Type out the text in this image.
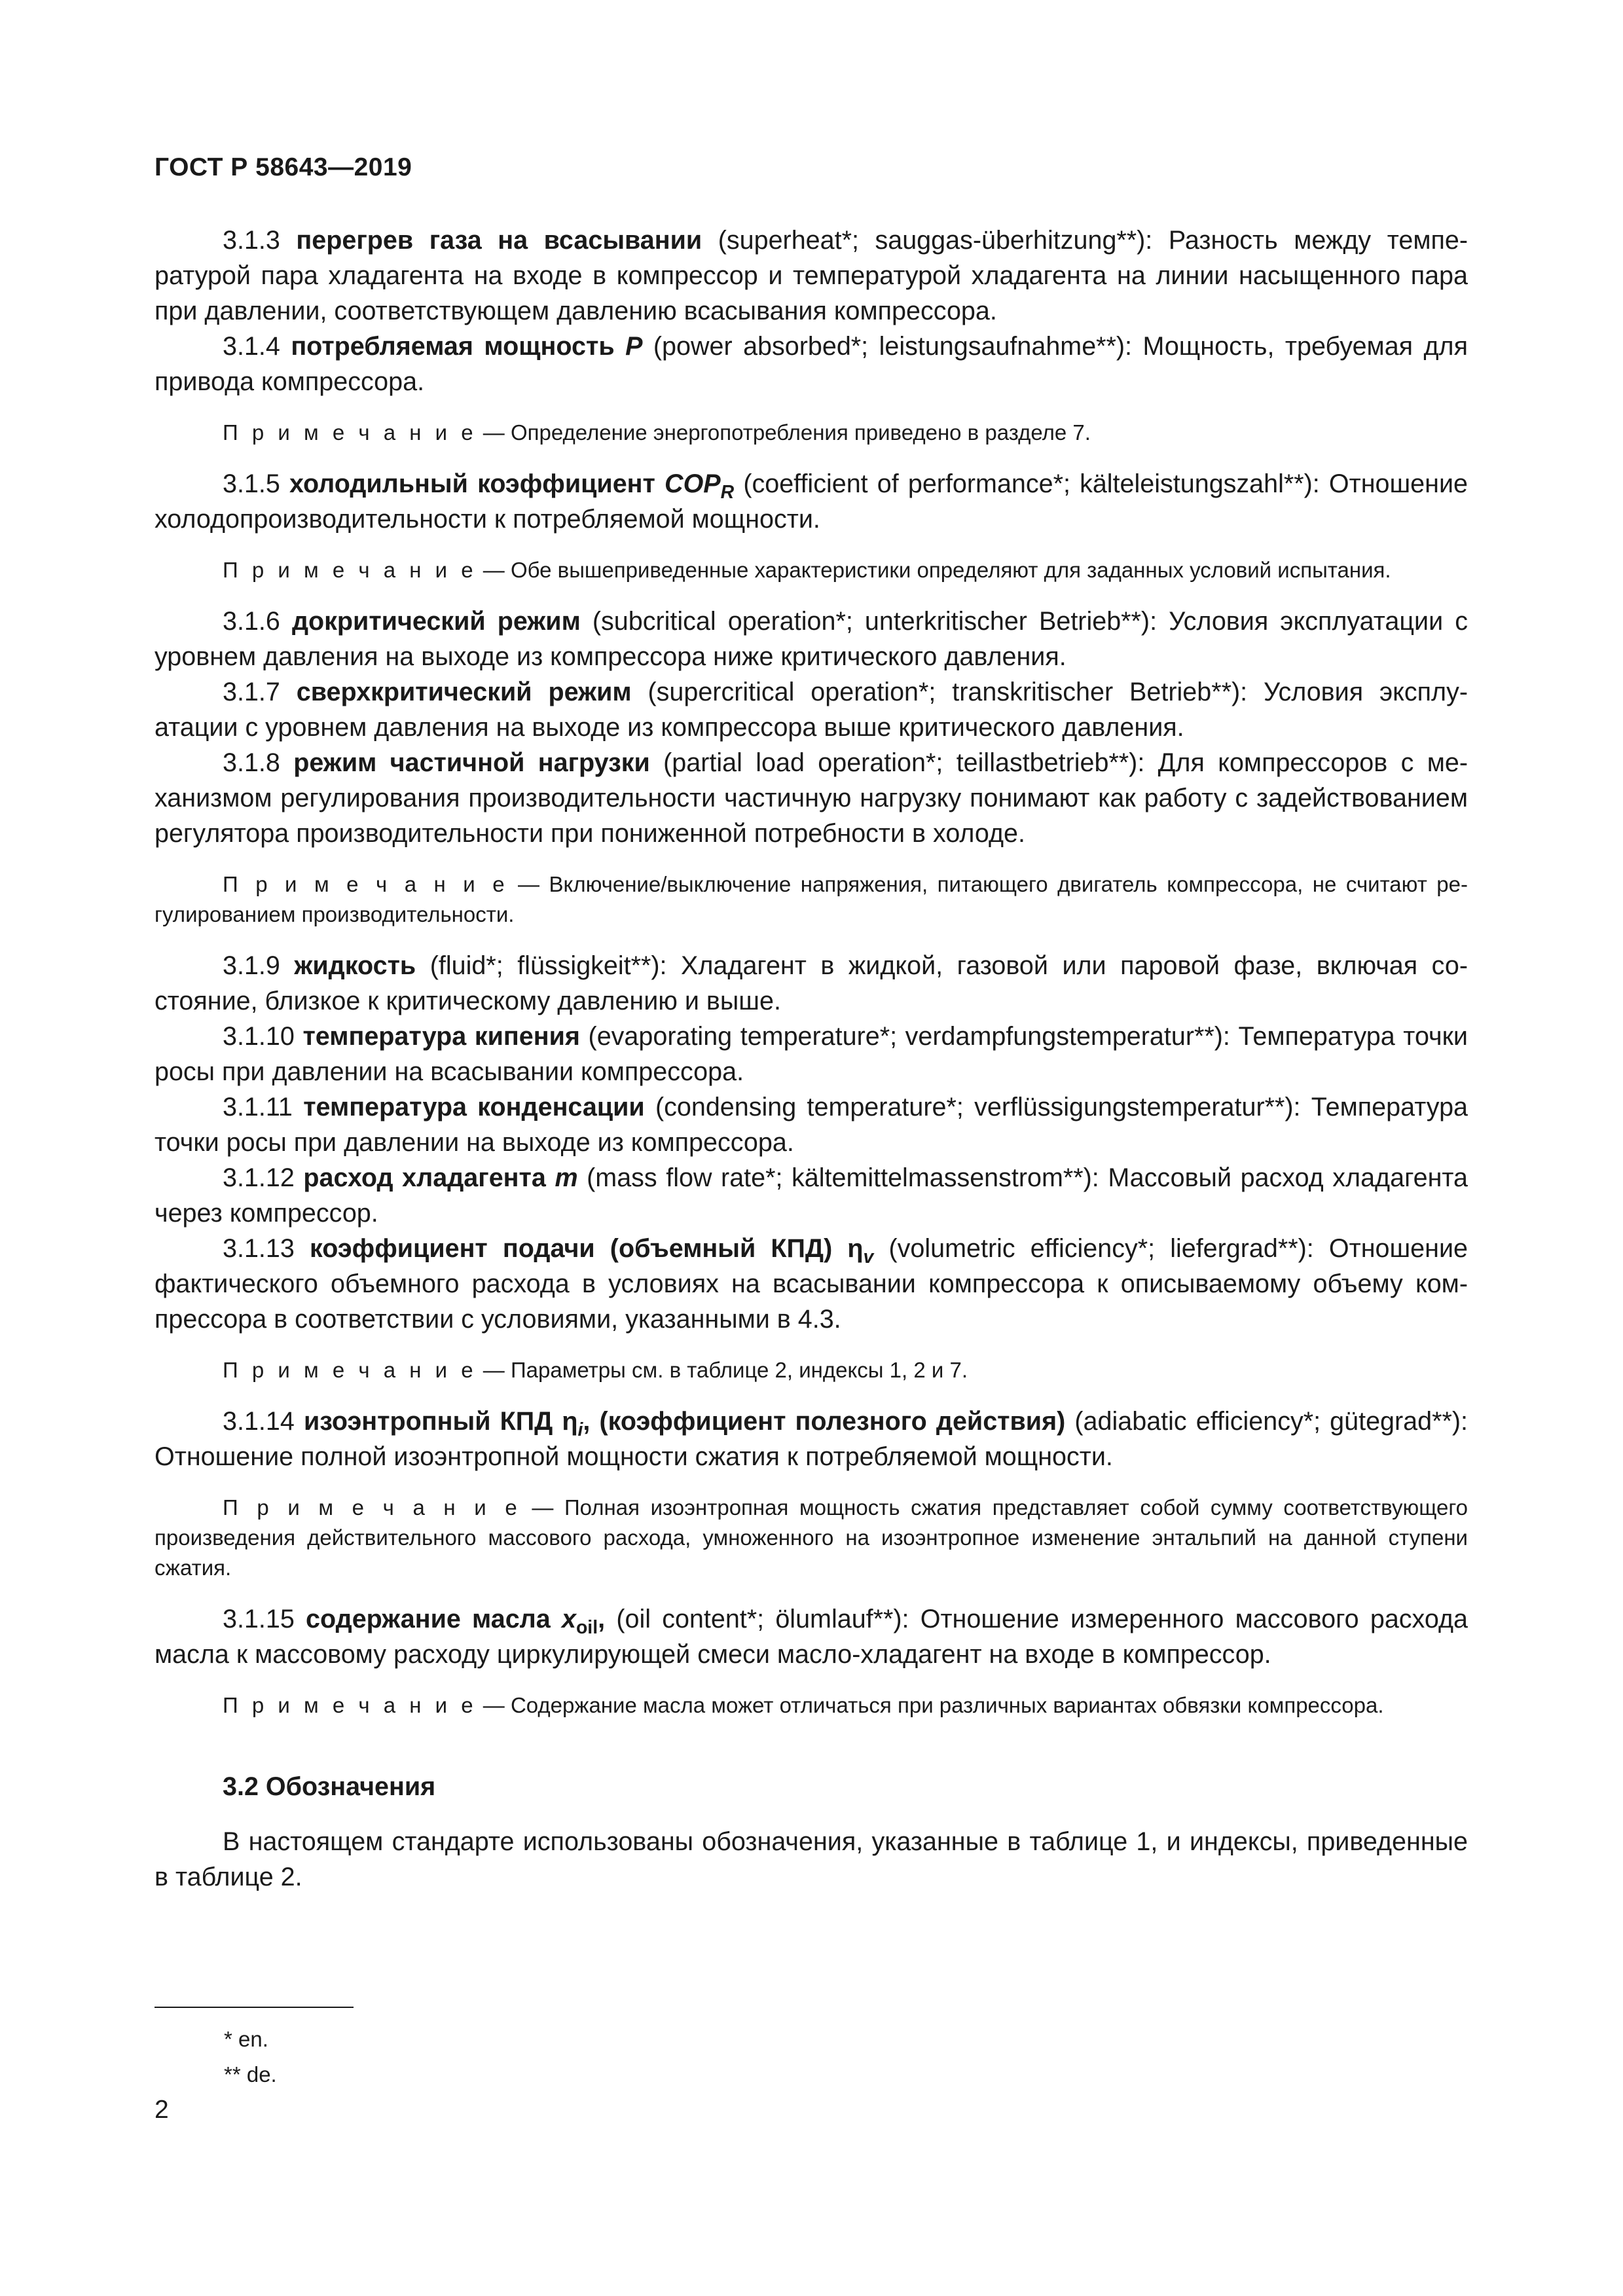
ГОСТ Р 58643—2019

3.1.3 перегрев газа на всасывании (superheat*; sauggas-überhitzung**): Разность между температурой пара хладагента на входе в компрессор и температурой хладагента на линии насыщенного пара при давлении, соответствующем давлению всасывания компрессора.

3.1.4 потребляемая мощность P (power absorbed*; leistungsaufnahme**): Мощность, требуемая для привода компрессора.

П р и м е ч а н и е — Определение энергопотребления приведено в разделе 7.

3.1.5 холодильный коэффициент $COP_R$ (coefficient of performance*; kälteleistungszahl**): Отношение холодопроизводительности к потребляемой мощности.

П р и м е ч а н и е — Обе вышеприведенные характеристики определяют для заданных условий испытания.

3.1.6 докритический режим (subcritical operation*; unterkritischer Betrieb**): Условия эксплуатации с уровнем давления на выходе из компрессора ниже критического давления.

3.1.7 сверхкритический режим (supercritical operation*; transkritischer Betrieb**): Условия эксплуатации с уровнем давления на выходе из компрессора выше критического давления.

3.1.8 режим частичной нагрузки (partial load operation*; teillastbetrieb**): Для компрессоров с механизмом регулирования производительности частичную нагрузку понимают как работу с задействованием регулятора производительности при пониженной потребности в холоде.

П р и м е ч а н и е — Включение/выключение напряжения, питающего двигатель компрессора, не считают регулированием производительности.

3.1.9 жидкость (fluid*; flüssigkeit**): Хладагент в жидкой, газовой или паровой фазе, включая состояние, близкое к критическому давлению и выше.

3.1.10 температура кипения (evaporating temperature*; verdampfungstemperatur**): Температура точки росы при давлении на всасывании компрессора.

3.1.11 температура конденсации (condensing temperature*; verflüssigungstemperatur**): Температура точки росы при давлении на выходе из компрессора.

3.1.12 расход хладагента m (mass flow rate*; kältemittelmassenstrom**): Массовый расход хладагента через компрессор.

3.1.13 коэффициент подачи (объемный КПД) $\eta_v$ (volumetric efficiency*; liefergrad**): Отношение фактического объемного расхода в условиях на всасывании компрессора к описываемому объему компрессора в соответствии с условиями, указанными в 4.3.

П р и м е ч а н и е — Параметры см. в таблице 2, индексы 1, 2 и 7.

3.1.14 изоэнтропный КПД $\eta_i$, (коэффициент полезного действия) (adiabatic efficiency*; gütegrad**): Отношение полной изоэнтропной мощности сжатия к потребляемой мощности.

П р и м е ч а н и е — Полная изоэнтропная мощность сжатия представляет собой сумму соответствующего произведения действительного массового расхода, умноженного на изоэнтропное изменение энтальпий на данной ступени сжатия.

3.1.15 содержание масла $x_{oil}$, (oil content*; ölumlauf**): Отношение измеренного массового расхода масла к массовому расходу циркулирующей смеси масло-хладагент на входе в компрессор.

П р и м е ч а н и е — Содержание масла может отличаться при различных вариантах обвязки компрессора.

3.2 Обозначения

В настоящем стандарте использованы обозначения, указанные в таблице 1, и индексы, приведенные в таблице 2.

* en.
** de.
2
